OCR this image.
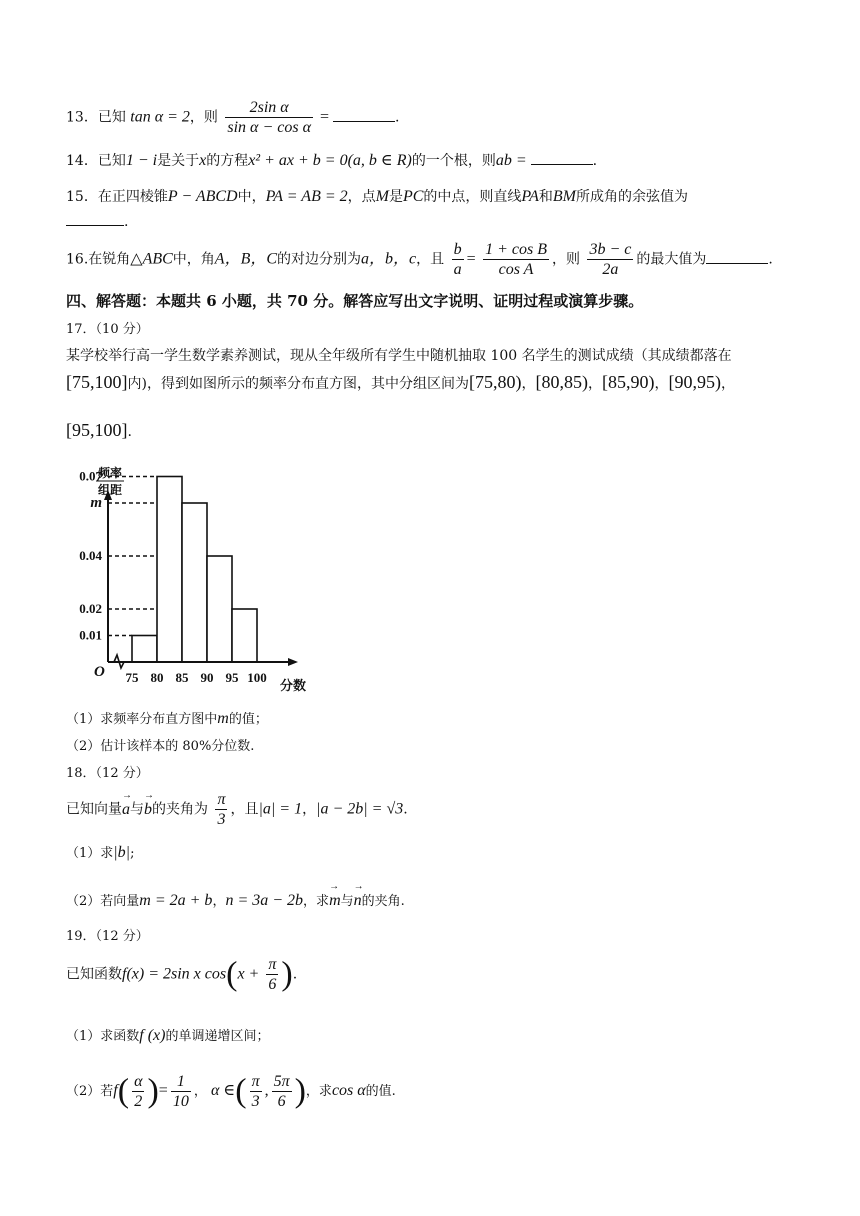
13．已知 tan α = 2，则 $\frac{\text{2sin α}}{\text{sin α − cos α}}$ =	.
14．已知1 − i是关于x的方程x² + ax + b = 0(a, b ∈ R)的一个根，则ab =	.
15．在正四棱锥P − ABCD中，PA = AB = 2，点M是PC的中点，则直线PA和BM所成角的余弦值为
.
16.在锐角△ABC中，角A，B，C的对边分别为a，b，c，且 $\frac{b}{a} = \frac{\text{1 + cos B}}{\text{cos A}}$ ，则 $\frac{3b - c}{2a}$ 的最大值为	.
四、解答题：本题共 6 小题，共 70 分。解答应写出文字说明、证明过程或演算步骤。
17．（10 分）
某学校举行高一学生数学素养测试，现从全年级所有学生中随机抽取 100 名学生的测试成绩（其成绩都落在
[75,100]内)，得到如图所示的频率分布直方图，其中分组区间为[75,80)，[80,85)，[85,90)，[90,95)，
[95,100].
0.07
m
0.04
0.02
0.01
75 80 85 90 95 100
O
分数
频率
组距
（1）求频率分布直方图中m的值；
（2）估计该样本的 80%分位数.
18．（12 分）
已知向量→ a与→ b的夹角为 $\frac{\pi}{3}$ ，且|a| = 1，|a − 2b| = √3.
（1）求|b|;
（2）若向量m = 2a + b，n = 3a − 2b，求→ m与→ n的夹角.
19．（12 分）
已知函数f(x) = 2sin x $\cos(x + \frac{\pi}{6}$ ).
（1）求函数f (x)的单调递增区间；
（2）若$f( \frac{\alpha}{2}$ )= $\frac{1}{10}$ ， α ∈( $\frac{\pi}{3}$ , $\frac{5\pi}{6}$ )，求cos α的值.
